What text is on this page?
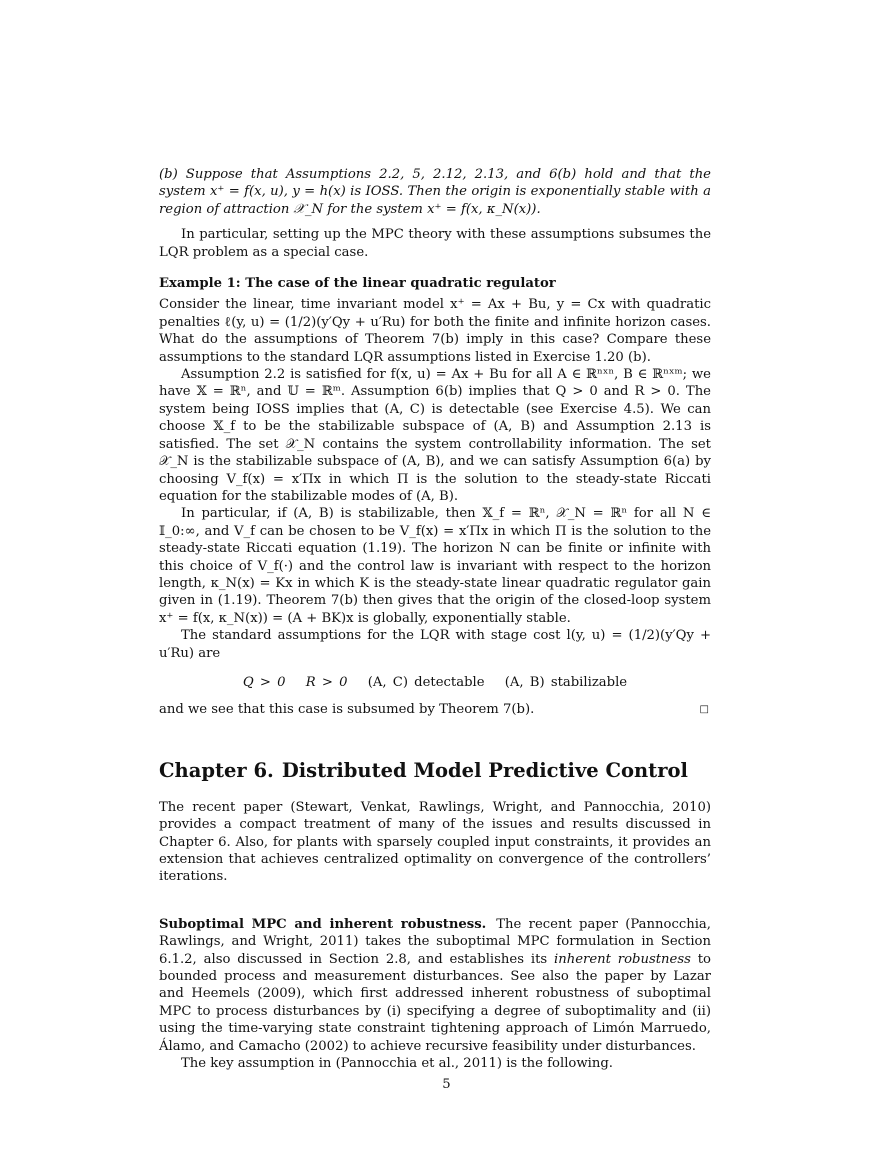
(b) Suppose that Assumptions 2.2, 5, 2.12, 2.13, and 6(b) hold and that the system x⁺ = f(x, u), y = h(x) is IOSS. Then the origin is exponentially stable with a region of attraction 𝒳_N for the system x⁺ = f(x, κ_N(x)).

In particular, setting up the MPC theory with these assumptions subsumes the LQR problem as a special case.

Example 1: The case of the linear quadratic regulator

Consider the linear, time invariant model x⁺ = Ax + Bu, y = Cx with quadratic penalties ℓ(y, u) = (1/2)(y′Qy + u′Ru) for both the finite and infinite horizon cases. What do the assumptions of Theorem 7(b) imply in this case? Compare these assumptions to the standard LQR assumptions listed in Exercise 1.20 (b).

Assumption 2.2 is satisfied for f(x, u) = Ax + Bu for all A ∈ ℝⁿˣⁿ, B ∈ ℝⁿˣᵐ; we have 𝕏 = ℝⁿ, and 𝕌 = ℝᵐ. Assumption 6(b) implies that Q > 0 and R > 0. The system being IOSS implies that (A, C) is detectable (see Exercise 4.5). We can choose 𝕏_f to be the stabilizable subspace of (A, B) and Assumption 2.13 is satisfied. The set 𝒳_N contains the system controllability information. The set 𝒳_N is the stabilizable subspace of (A, B), and we can satisfy Assumption 6(a) by choosing V_f(x) = x′Πx in which Π is the solution to the steady-state Riccati equation for the stabilizable modes of (A, B).

In particular, if (A, B) is stabilizable, then 𝕏_f = ℝⁿ, 𝒳_N = ℝⁿ for all N ∈ 𝕀_0:∞, and V_f can be chosen to be V_f(x) = x′Πx in which Π is the solution to the steady-state Riccati equation (1.19). The horizon N can be finite or infinite with this choice of V_f(·) and the control law is invariant with respect to the horizon length, κ_N(x) = Kx in which K is the steady-state linear quadratic regulator gain given in (1.19). Theorem 7(b) then gives that the origin of the closed-loop system x⁺ = f(x, κ_N(x)) = (A + BK)x is globally, exponentially stable.

The standard assumptions for the LQR with stage cost l(y, u) = (1/2)(y′Qy + u′Ru) are

Q > 0 R > 0 (A, C) detectable (A, B) stabilizable
and we see that this case is subsumed by Theorem 7(b).	□
Chapter 6. Distributed Model Predictive Control

The recent paper (Stewart, Venkat, Rawlings, Wright, and Pannocchia, 2010) provides a compact treatment of many of the issues and results discussed in Chapter 6. Also, for plants with sparsely coupled input constraints, it provides an extension that achieves centralized optimality on convergence of the controllers’ iterations.

Suboptimal MPC and inherent robustness. The recent paper (Pannocchia, Rawlings, and Wright, 2011) takes the suboptimal MPC formulation in Section 6.1.2, also discussed in Section 2.8, and establishes its inherent robustness to bounded process and measurement disturbances. See also the paper by Lazar and Heemels (2009), which first addressed inherent robustness of suboptimal MPC to process disturbances by (i) specifying a degree of suboptimality and (ii) using the time-varying state constraint tightening approach of Limón Marruedo, Álamo, and Camacho (2002) to achieve recursive feasibility under disturbances.

The key assumption in (Pannocchia et al., 2011) is the following.

5
